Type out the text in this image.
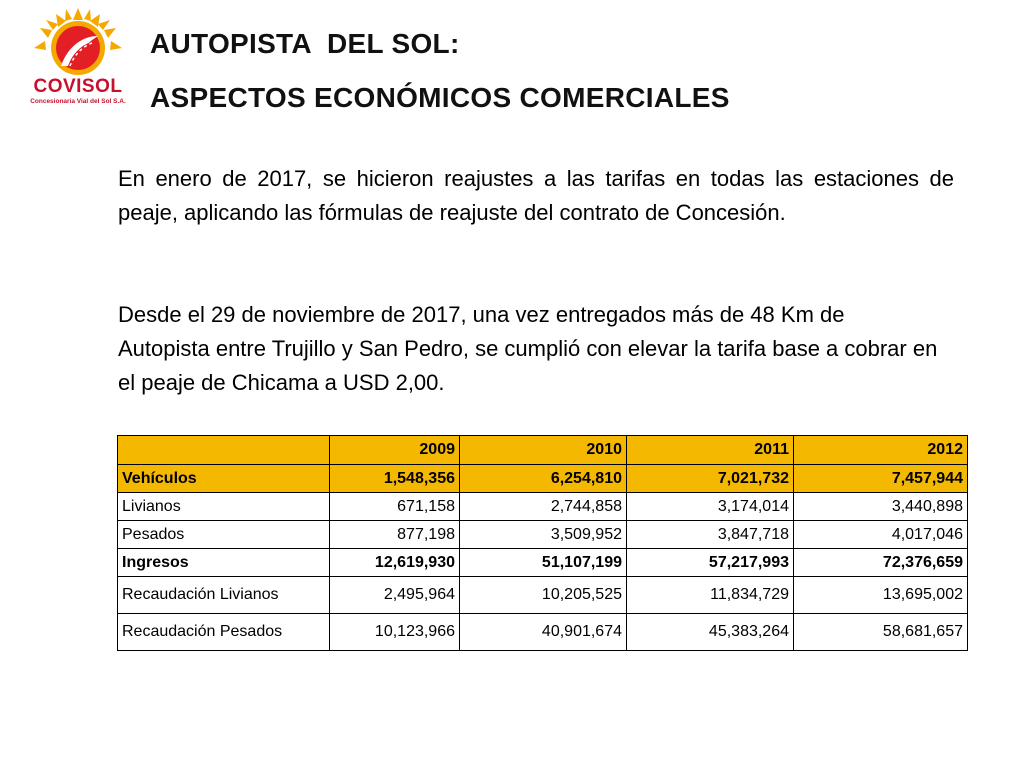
COVISOL
Concesionaria Vial del Sol S.A.
AUTOPISTA  DEL SOL:
ASPECTOS ECONÓMICOS COMERCIALES
En enero de 2017, se hicieron reajustes a las tarifas en todas las estaciones de peaje, aplicando las fórmulas de reajuste del contrato de Concesión.
Desde el 29 de noviembre de 2017, una vez entregados más de 48 Km de Autopista entre Trujillo y San Pedro, se cumplió con elevar la tarifa base a cobrar en el peaje de Chicama a USD 2,00.
	2009	2010	2011	2012
Vehículos	1,548,356	6,254,810	7,021,732	7,457,944
Livianos	671,158	2,744,858	3,174,014	3,440,898
Pesados	877,198	3,509,952	3,847,718	4,017,046
Ingresos	12,619,930	51,107,199	57,217,993	72,376,659
Recaudación Livianos	2,495,964	10,205,525	11,834,729	13,695,002
Recaudación Pesados	10,123,966	40,901,674	45,383,264	58,681,657
